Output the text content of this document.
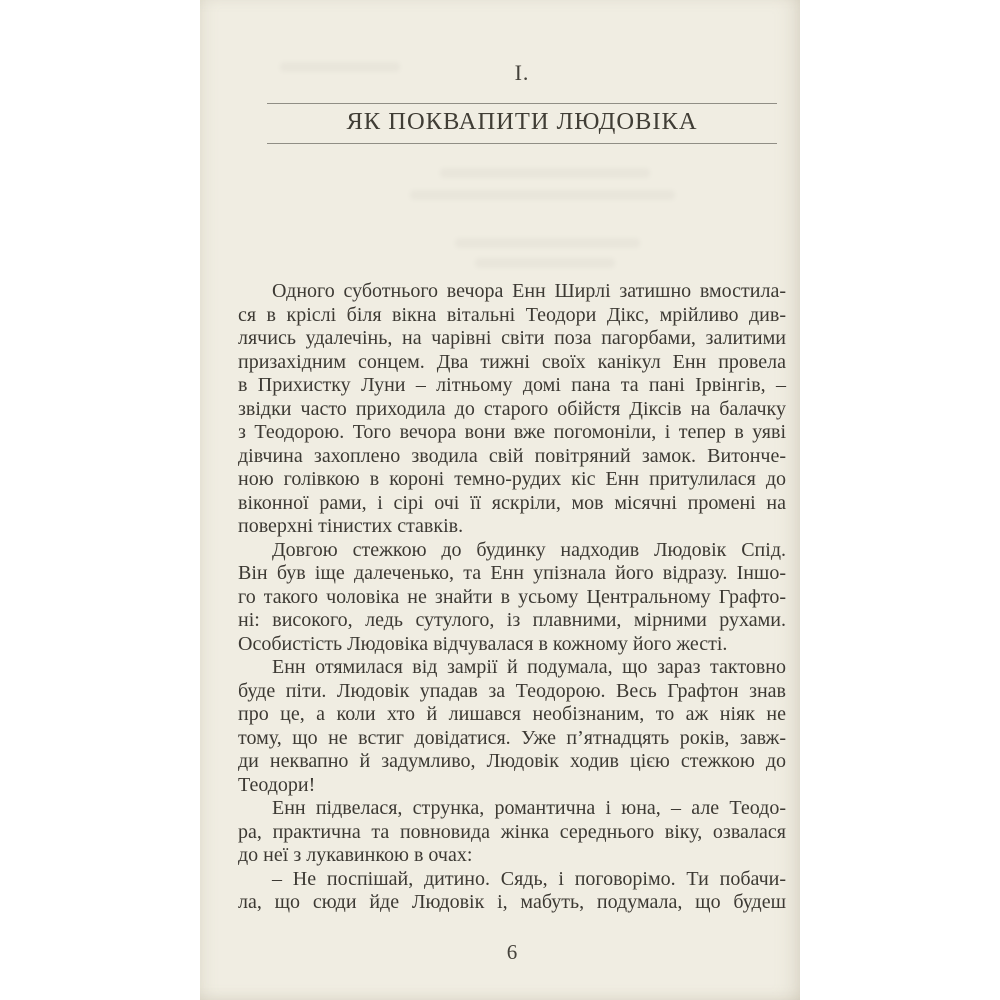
I.
ЯК ПОКВАПИТИ ЛЮДОВІКА
Одного суботнього вечора Енн Ширлі затишно вмостила-
ся в кріслі біля вікна вітальні Теодори Дікс, мрійливо див-
лячись удалечінь, на чарівні світи поза пагорбами, залитими
призахідним сонцем. Два тижні своїх канікул Енн провела
в Прихистку Луни – літньому домі пана та пані Ірвінгів, –
звідки часто приходила до старого обійстя Діксів на балачку
з Теодорою. Того вечора вони вже погомоніли, і тепер в уяві
дівчина захоплено зводила свій повітряний замок. Витонче-
ною голівкою в короні темно-рудих кіс Енн притулилася до
віконної рами, і сірі очі її яскріли, мов місячні промені на
поверхні тінистих ставків.
Довгою стежкою до будинку надходив Людовік Спід.
Він був іще далеченько, та Енн упізнала його відразу. Іншо-
го такого чоловіка не знайти в усьому Центральному Графто-
ні: високого, ледь сутулого, із плавними, мірними рухами.
Особистість Людовіка відчувалася в кожному його жесті.
Енн отямилася від замрії й подумала, що зараз тактовно
буде піти. Людовік упадав за Теодорою. Весь Графтон знав
про це, а коли хто й лишався необізнаним, то аж ніяк не
тому, що не встиг довідатися. Уже п’ятнадцять років, завж-
ди неквапно й задумливо, Людовік ходив цією стежкою до
Теодори!
Енн підвелася, струнка, романтична і юна, – але Теодо-
ра, практична та повновида жінка середнього віку, озвалася
до неї з лукавинкою в очах:
– Не поспішай, дитино. Сядь, і поговорімо. Ти побачи-
ла, що сюди йде Людовік і, мабуть, подумала, що будеш
6
